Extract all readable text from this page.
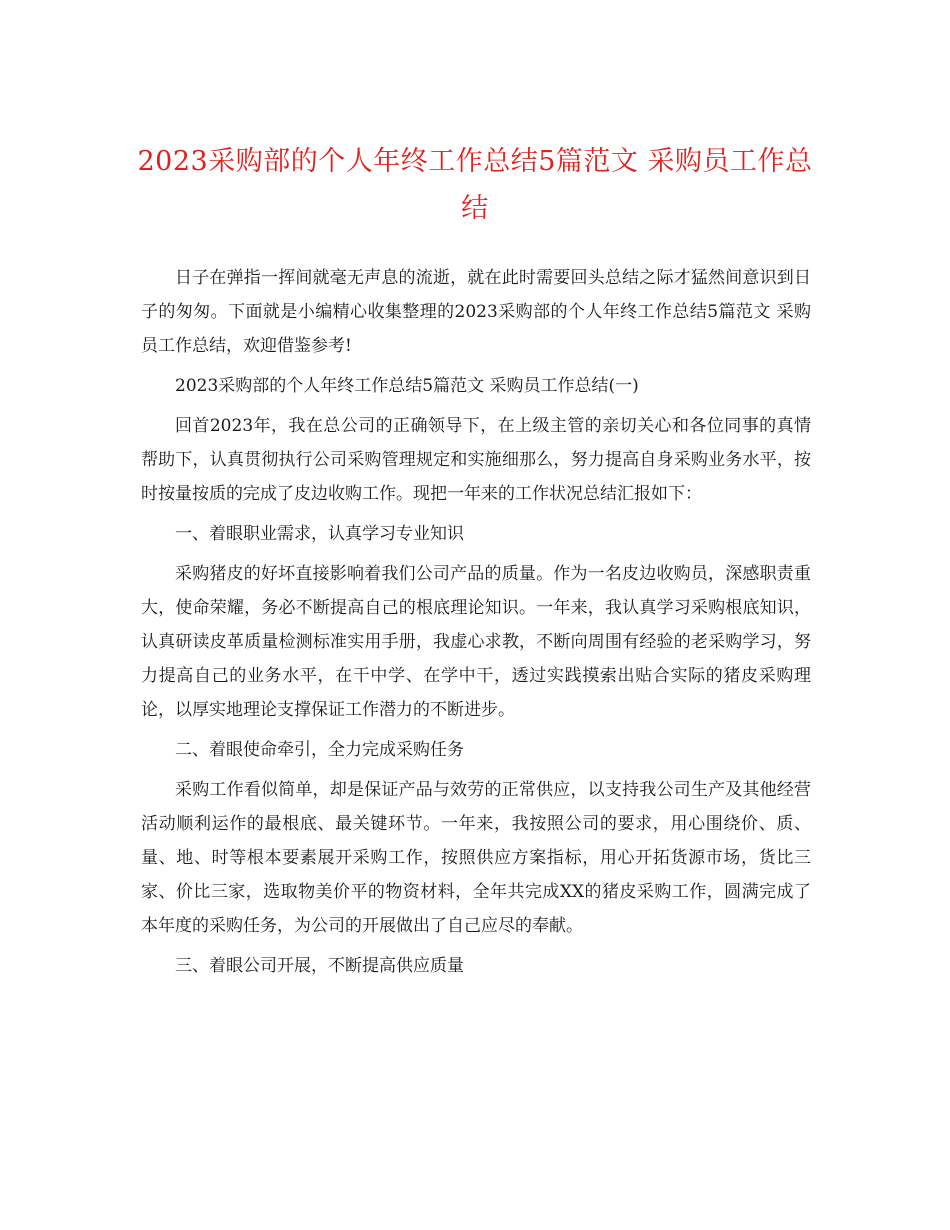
2023采购部的个人年终工作总结5篇范文 采购员工作总结

日子在弹指一挥间就毫无声息的流逝，就在此时需要回头总结之际才猛然间意识到日子的匆匆。下面就是小编精心收集整理的2023采购部的个人年终工作总结5篇范文 采购员工作总结，欢迎借鉴参考!

2023采购部的个人年终工作总结5篇范文 采购员工作总结(一)

回首2023年，我在总公司的正确领导下，在上级主管的亲切关心和各位同事的真情帮助下，认真贯彻执行公司采购管理规定和实施细那么，努力提高自身采购业务水平，按时按量按质的完成了皮边收购工作。现把一年来的工作状况总结汇报如下：

一、着眼职业需求，认真学习专业知识

采购猪皮的好坏直接影响着我们公司产品的质量。作为一名皮边收购员，深感职责重大，使命荣耀，务必不断提高自己的根底理论知识。一年来，我认真学习采购根底知识，认真研读皮革质量检测标准实用手册，我虚心求教，不断向周围有经验的老采购学习，努力提高自己的业务水平，在干中学、在学中干，透过实践摸索出贴合实际的猪皮采购理论，以厚实地理论支撑保证工作潜力的不断进步。

二、着眼使命牵引，全力完成采购任务

采购工作看似简单，却是保证产品与效劳的正常供应，以支持我公司生产及其他经营活动顺利运作的最根底、最关键环节。一年来，我按照公司的要求，用心围绕价、质、量、地、时等根本要素展开采购工作，按照供应方案指标，用心开拓货源市场，货比三家、价比三家，选取物美价平的物资材料，全年共完成XX的猪皮采购工作，圆满完成了本年度的采购任务，为公司的开展做出了自己应尽的奉献。

三、着眼公司开展，不断提高供应质量
